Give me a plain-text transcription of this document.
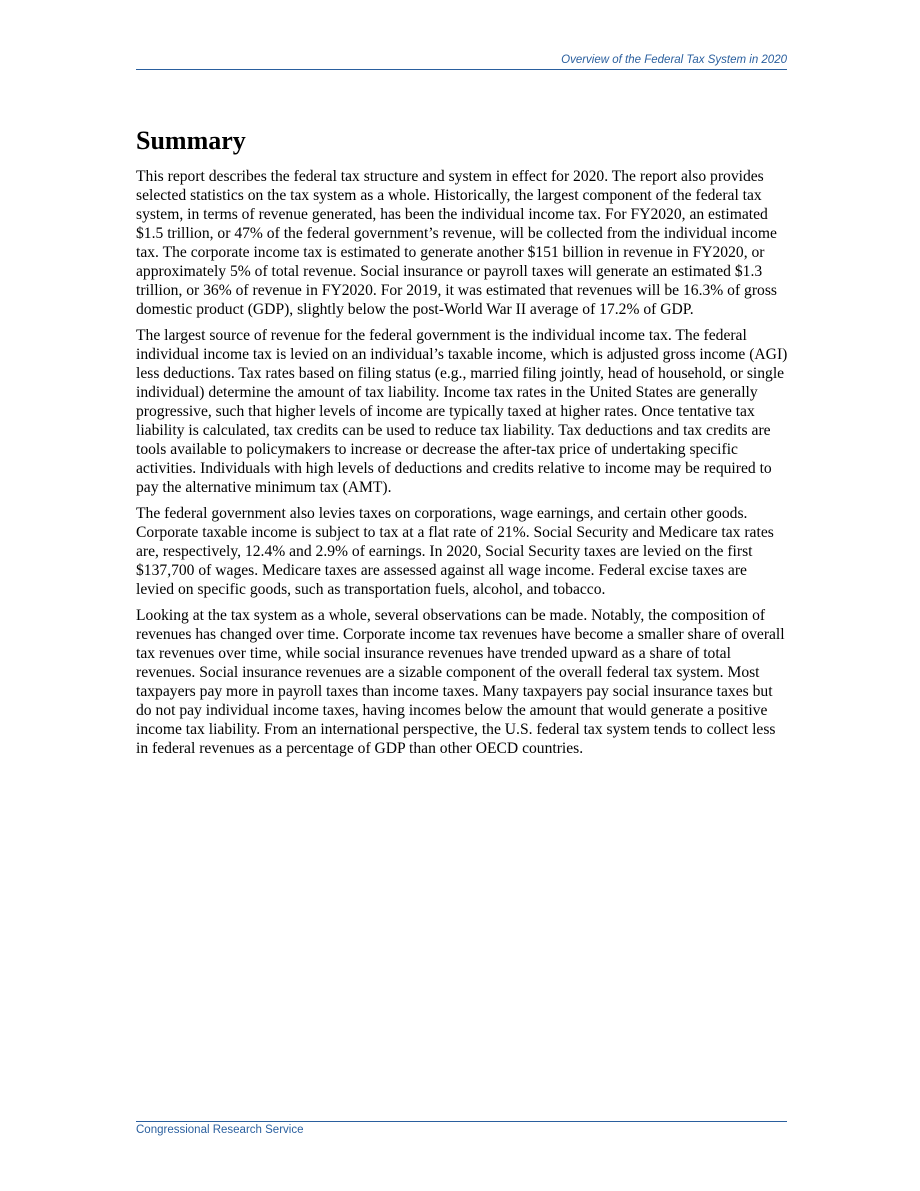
Overview of the Federal Tax System in 2020
Summary

This report describes the federal tax structure and system in effect for 2020. The report also provides selected statistics on the tax system as a whole. Historically, the largest component of the federal tax system, in terms of revenue generated, has been the individual income tax. For FY2020, an estimated $1.5 trillion, or 47% of the federal government’s revenue, will be collected from the individual income tax. The corporate income tax is estimated to generate another $151 billion in revenue in FY2020, or approximately 5% of total revenue. Social insurance or payroll taxes will generate an estimated $1.3 trillion, or 36% of revenue in FY2020. For 2019, it was estimated that revenues will be 16.3% of gross domestic product (GDP), slightly below the post-World War II average of 17.2% of GDP.

The largest source of revenue for the federal government is the individual income tax. The federal individual income tax is levied on an individual’s taxable income, which is adjusted gross income (AGI) less deductions. Tax rates based on filing status (e.g., married filing jointly, head of household, or single individual) determine the amount of tax liability. Income tax rates in the United States are generally progressive, such that higher levels of income are typically taxed at higher rates. Once tentative tax liability is calculated, tax credits can be used to reduce tax liability. Tax deductions and tax credits are tools available to policymakers to increase or decrease the after-tax price of undertaking specific activities. Individuals with high levels of deductions and credits relative to income may be required to pay the alternative minimum tax (AMT).

The federal government also levies taxes on corporations, wage earnings, and certain other goods. Corporate taxable income is subject to tax at a flat rate of 21%. Social Security and Medicare tax rates are, respectively, 12.4% and 2.9% of earnings. In 2020, Social Security taxes are levied on the first $137,700 of wages. Medicare taxes are assessed against all wage income. Federal excise taxes are levied on specific goods, such as transportation fuels, alcohol, and tobacco.

Looking at the tax system as a whole, several observations can be made. Notably, the composition of revenues has changed over time. Corporate income tax revenues have become a smaller share of overall tax revenues over time, while social insurance revenues have trended upward as a share of total revenues. Social insurance revenues are a sizable component of the overall federal tax system. Most taxpayers pay more in payroll taxes than income taxes. Many taxpayers pay social insurance taxes but do not pay individual income taxes, having incomes below the amount that would generate a positive income tax liability. From an international perspective, the U.S. federal tax system tends to collect less in federal revenues as a percentage of GDP than other OECD countries.

Congressional Research Service
